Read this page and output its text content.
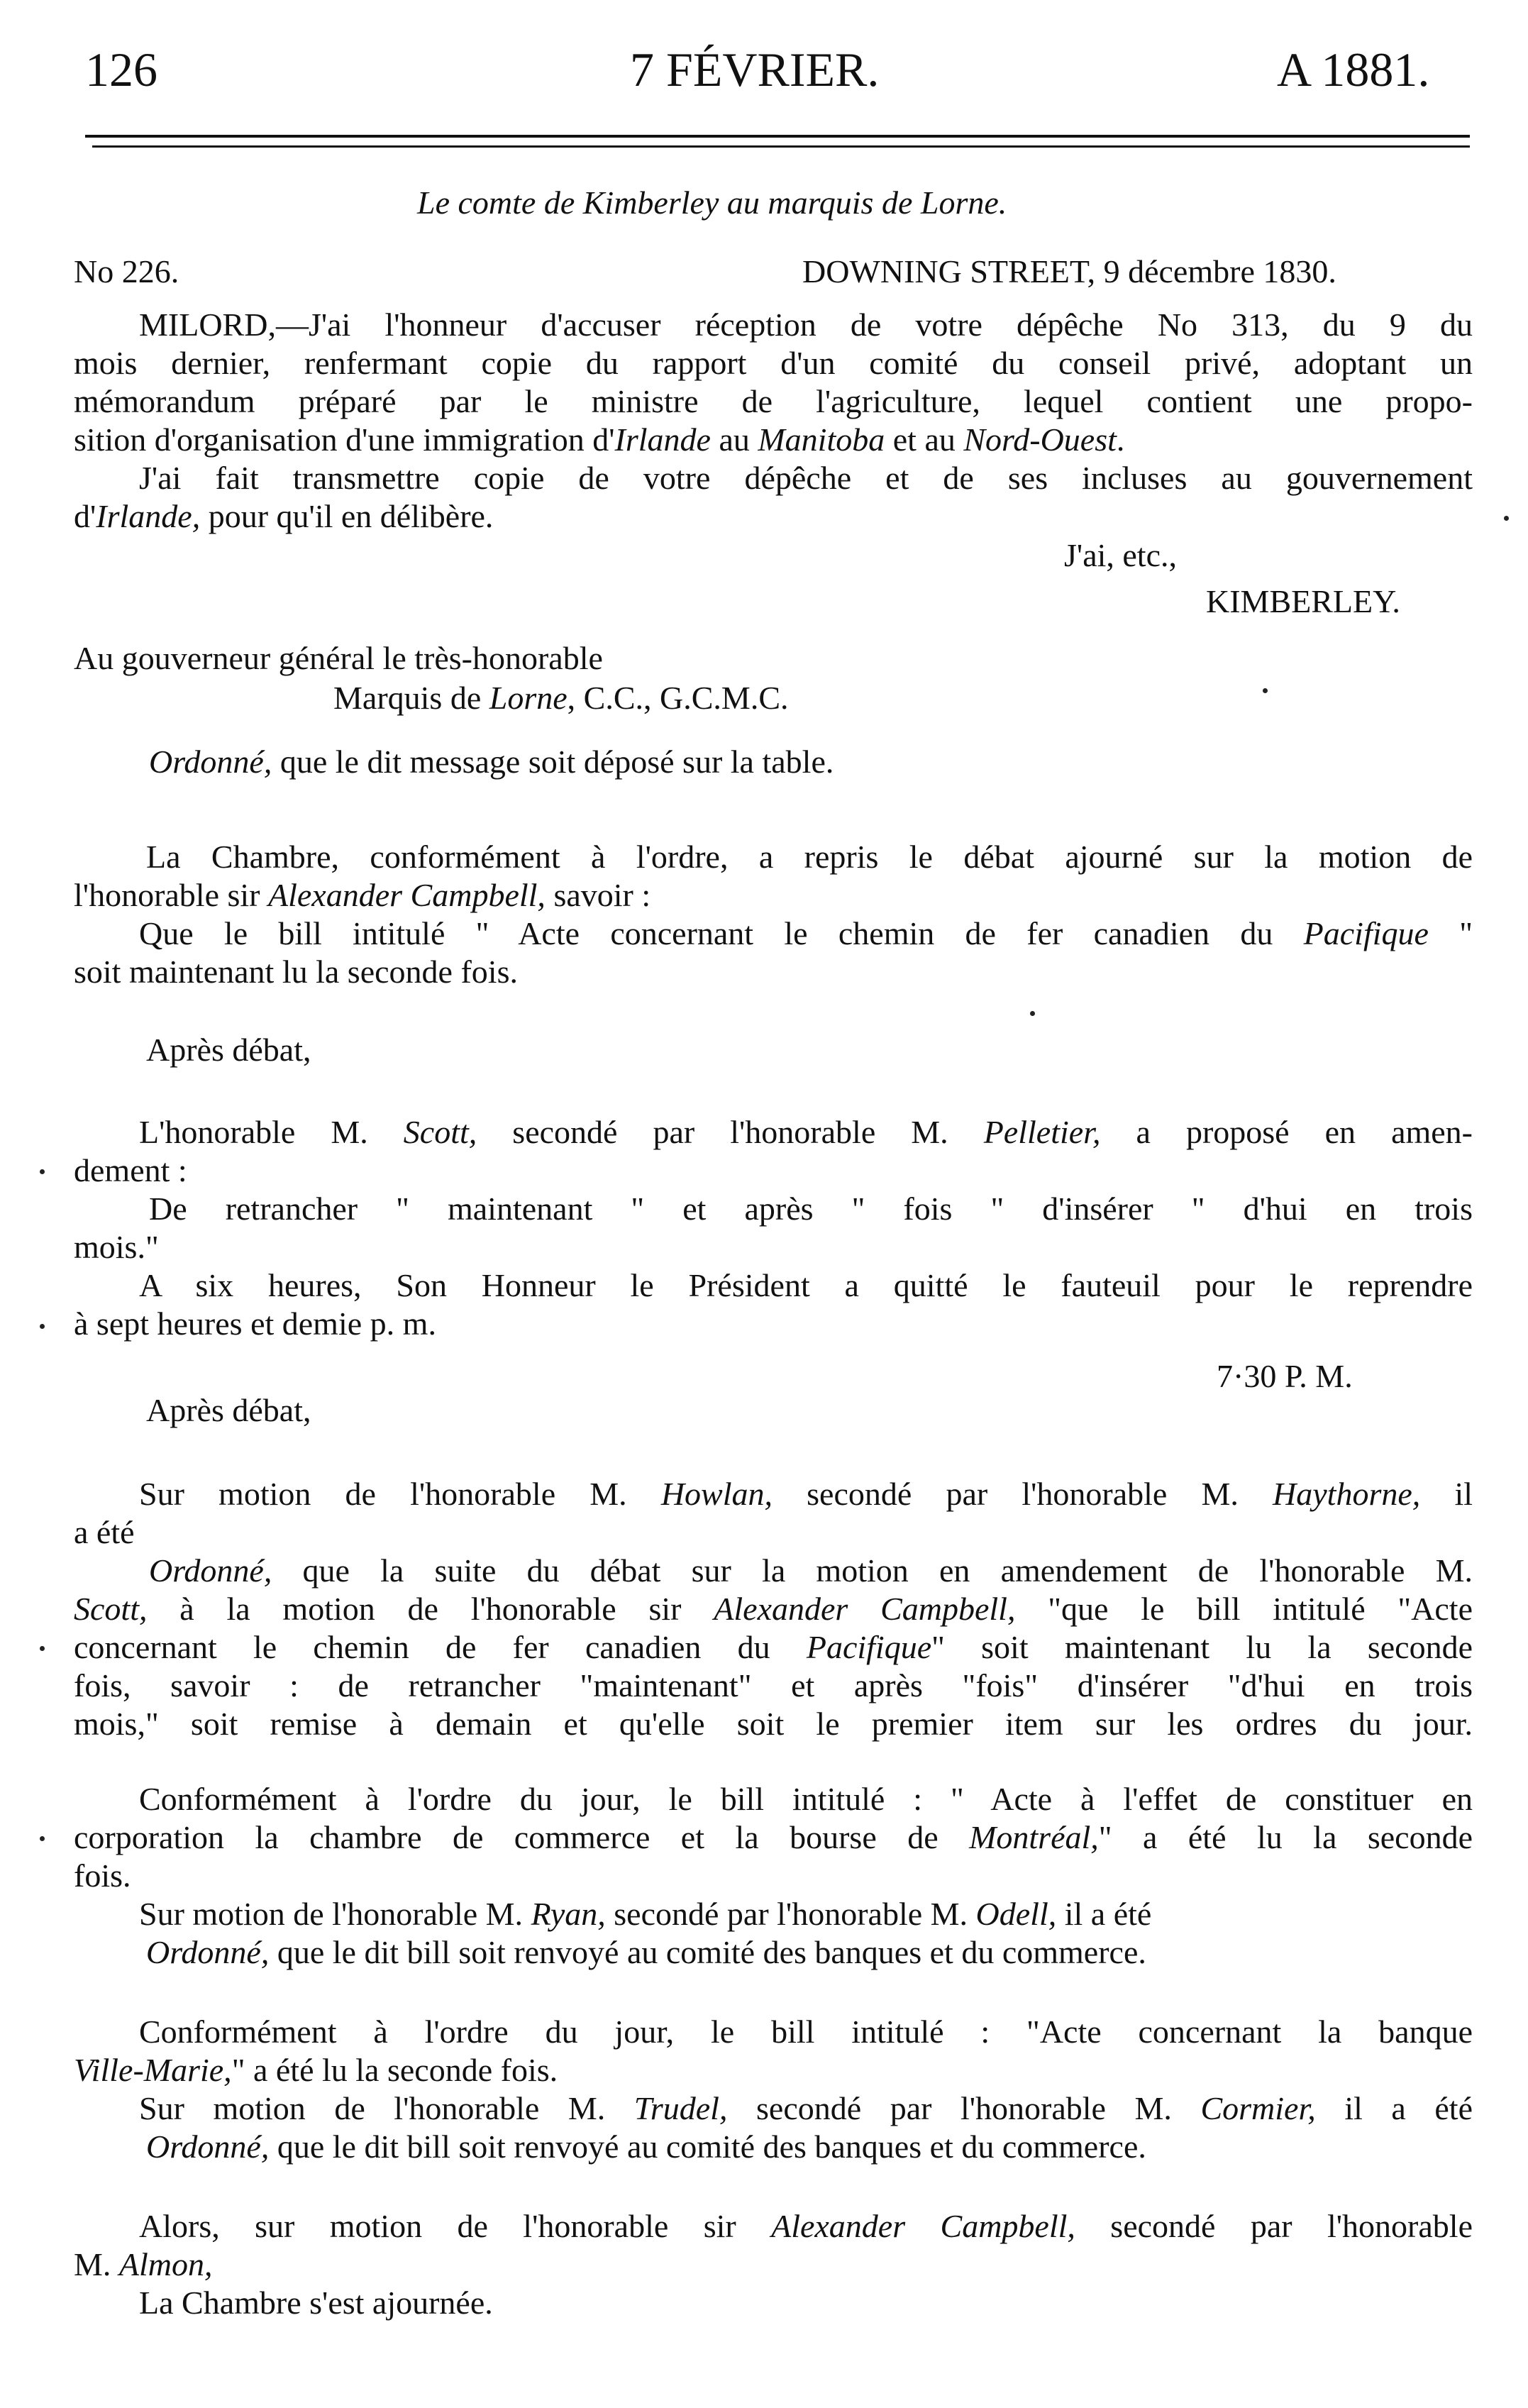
126	7 FÉVRIER.	A 1881.
Le comte de Kimberley au marquis de Lorne.
No 226.	DOWNING STREET, 9 décembre 1830.
MILORD,—J'ai l'honneur d'accuser réception de votre dépêche No 313, du 9 du
mois dernier, renfermant copie du rapport d'un comité du conseil privé, adoptant un
mémorandum préparé par le ministre de l'agriculture, lequel contient une propo-
sition d'organisation d'une immigration d'Irlande au Manitoba et au Nord-Ouest.
J'ai fait transmettre copie de votre dépêche et de ses incluses au gouvernement
d'Irlande, pour qu'il en délibère.
J'ai, etc.,
KIMBERLEY.
Au gouverneur général le très-honorable
Marquis de Lorne, C.C., G.C.M.C.
Ordonné, que le dit message soit déposé sur la table.
La Chambre, conformément à l'ordre, a repris le débat ajourné sur la motion de
l'honorable sir Alexander Campbell, savoir :
Que le bill intitulé " Acte concernant le chemin de fer canadien du Pacifique "
soit maintenant lu la seconde fois.
Après débat,
L'honorable M. Scott, secondé par l'honorable M. Pelletier, a proposé en amen-
dement :
De retrancher " maintenant " et après " fois " d'insérer " d'hui en trois
mois."
A six heures, Son Honneur le Président a quitté le fauteuil pour le reprendre
à sept heures et demie p. m.
7·30 P. M.
Après débat,
Sur motion de l'honorable M. Howlan, secondé par l'honorable M. Haythorne, il
a été
Ordonné, que la suite du débat sur la motion en amendement de l'honorable M.
Scott, à la motion de l'honorable sir Alexander Campbell, "que le bill intitulé "Acte
concernant le chemin de fer canadien du Pacifique" soit maintenant lu la seconde
fois, savoir : de retrancher "maintenant" et après "fois" d'insérer "d'hui en trois
mois," soit remise à demain et qu'elle soit le premier item sur les ordres du jour.
Conformément à l'ordre du jour, le bill intitulé : " Acte à l'effet de constituer en
corporation la chambre de commerce et la bourse de Montréal," a été lu la seconde
fois.
Sur motion de l'honorable M. Ryan, secondé par l'honorable M. Odell, il a été
Ordonné, que le dit bill soit renvoyé au comité des banques et du commerce.
Conformément à l'ordre du jour, le bill intitulé : "Acte concernant la banque
Ville-Marie," a été lu la seconde fois.
Sur motion de l'honorable M. Trudel, secondé par l'honorable M. Cormier, il a été
Ordonné, que le dit bill soit renvoyé au comité des banques et du commerce.
Alors, sur motion de l'honorable sir Alexander Campbell, secondé par l'honorable
M. Almon,
La Chambre s'est ajournée.
